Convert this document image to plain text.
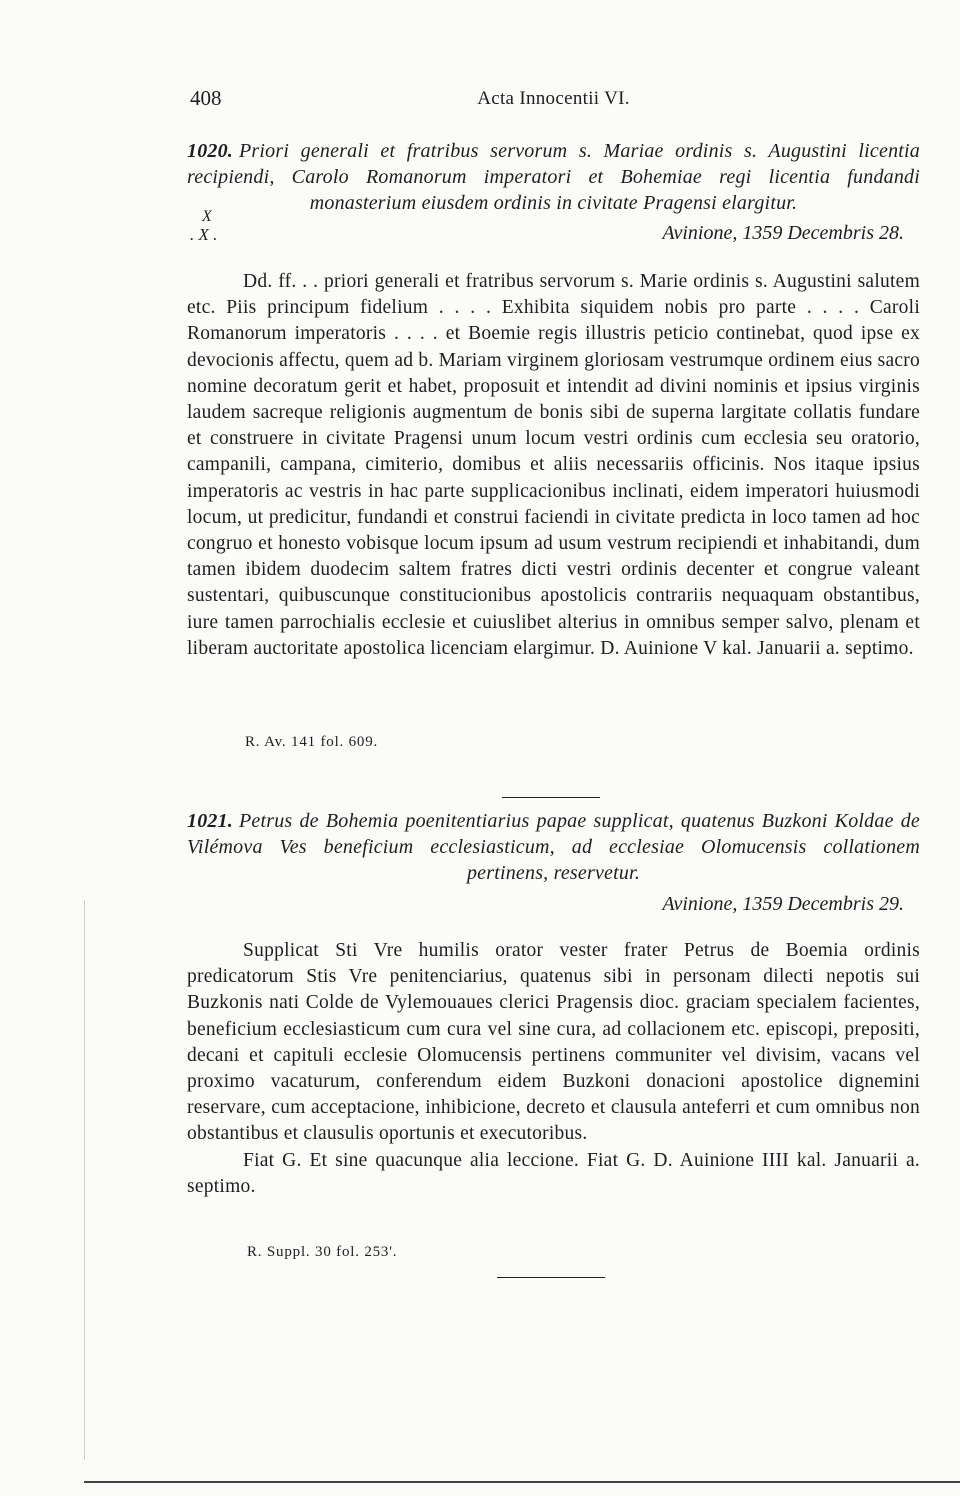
408	Acta Innocentii VI.
1020. Priori generali et fratribus servorum s. Mariae ordinis s. Augustini licentia recipiendi, Carolo Romanorum imperatori et Bohemiae regi licentia fundandi monasterium eiusdem ordinis in civitate Pragensi elargitur.
X
. X .	Avinione, 1359 Decembris 28.

Dd. ff. . . priori generali et fratribus servorum s. Marie ordinis s. Augustini salutem etc. Piis principum fidelium . . . . Exhibita siquidem nobis pro parte . . . . Caroli Romanorum imperatoris . . . . et Boemie regis illustris peticio continebat, quod ipse ex devocionis affectu, quem ad b. Mariam virginem gloriosam vestrumque ordinem eius sacro nomine decoratum gerit et habet, proposuit et intendit ad divini nominis et ipsius virginis laudem sacreque religionis augmentum de bonis sibi de superna largitate collatis fundare et construere in civitate Pragensi unum locum vestri ordinis cum ecclesia seu oratorio, campanili, campana, cimiterio, domibus et aliis necessariis officinis. Nos itaque ipsius imperatoris ac vestris in hac parte supplicacionibus inclinati, eidem imperatori huiusmodi locum, ut predicitur, fundandi et construi faciendi in civitate predicta in loco tamen ad hoc congruo et honesto vobisque locum ipsum ad usum vestrum recipiendi et inhabitandi, dum tamen ibidem duodecim saltem fratres dicti vestri ordinis decenter et congrue valeant sustentari, quibuscunque constitucionibus apostolicis contrariis nequaquam obstantibus, iure tamen parrochialis ecclesie et cuiuslibet alterius in omnibus semper salvo, plenam et liberam auctoritate apostolica licenciam elargimur. D. Auinione V kal. Januarii a. septimo.

R. Av. 141 fol. 609.
1021. Petrus de Bohemia poenitentiarius papae supplicat, quatenus Buzkoni Koldae de Vilémova Ves beneficium ecclesiasticum, ad ecclesiae Olomucensis collationem pertinens, reservetur.
Avinione, 1359 Decembris 29.

Supplicat Sti Vre humilis orator vester frater Petrus de Boemia ordinis predicatorum Stis Vre penitenciarius, quatenus sibi in personam dilecti nepotis sui Buzkonis nati Colde de Vylemouaues clerici Pragensis dioc. graciam specialem facientes, beneficium ecclesiasticum cum cura vel sine cura, ad collacionem etc. episcopi, prepositi, decani et capituli ecclesie Olomucensis pertinens communiter vel divisim, vacans vel proximo vacaturum, conferendum eidem Buzkoni donacioni apostolice dignemini reservare, cum acceptacione, inhibicione, decreto et clausula anteferri et cum omnibus non obstantibus et clausulis oportunis et executoribus.

Fiat G. Et sine quacunque alia leccione. Fiat G. D. Auinione IIII kal. Januarii a. septimo.

R. Suppl. 30 fol. 253'.
